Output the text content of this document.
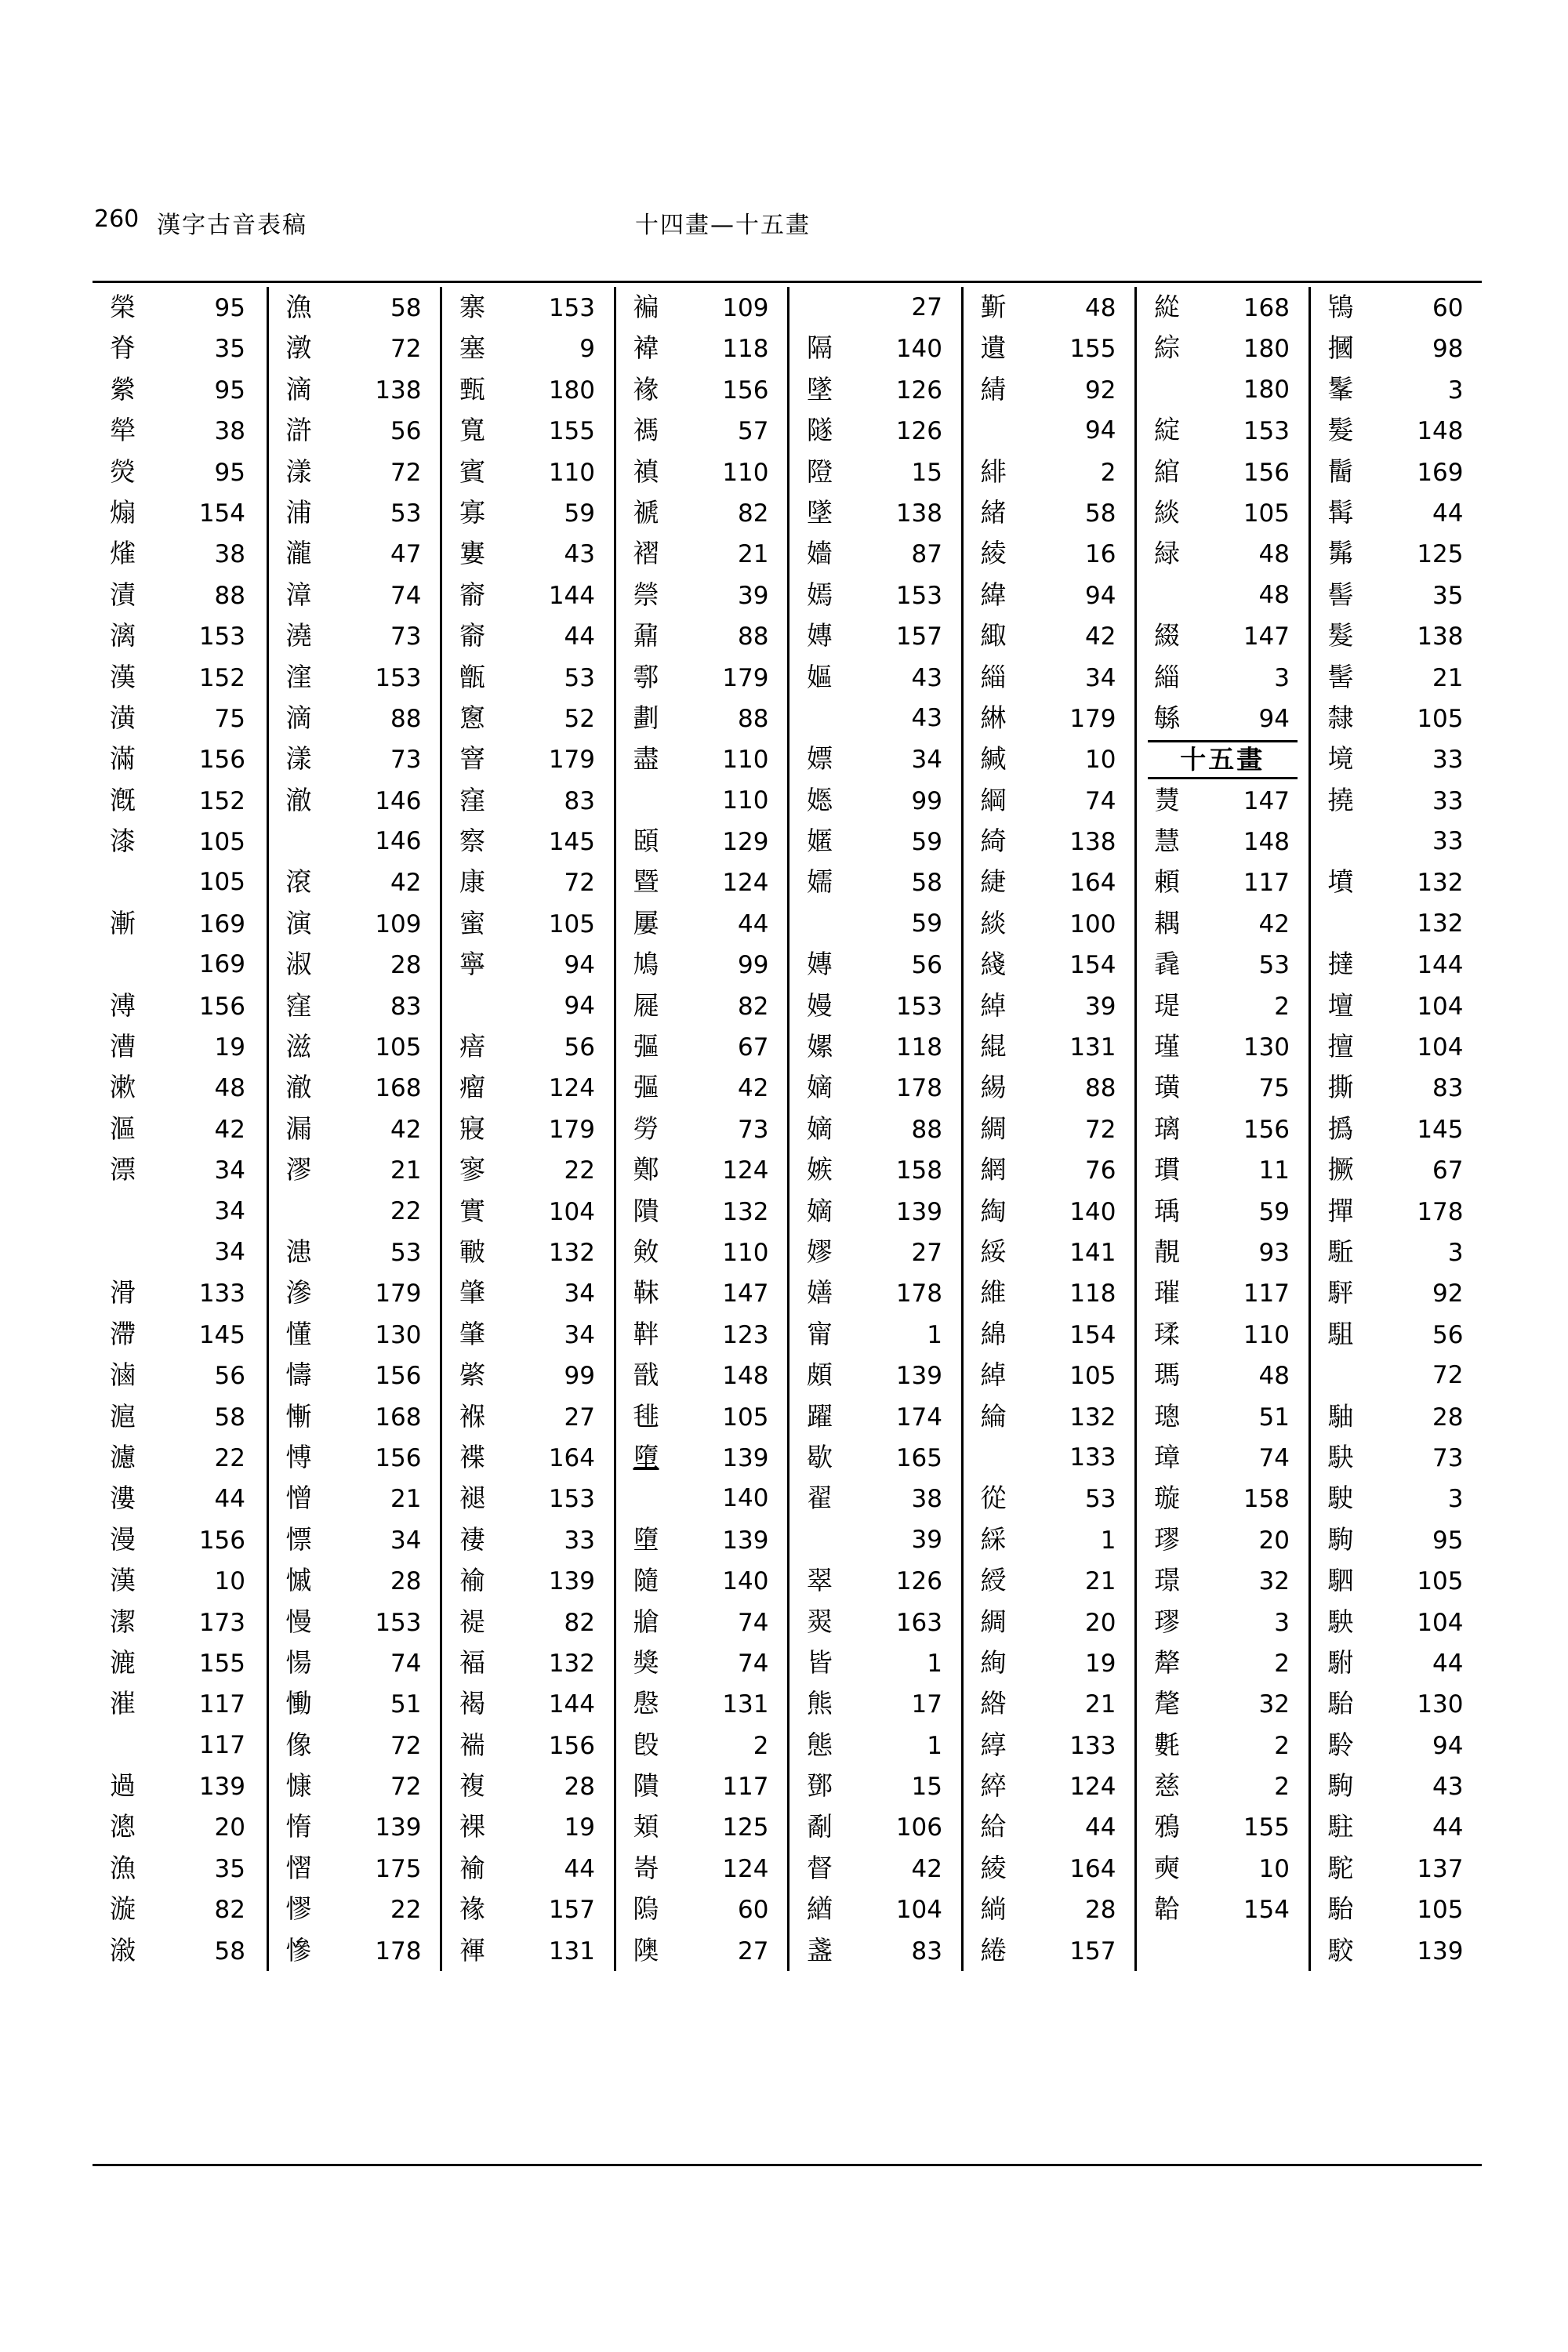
260 漢字古音表稿	十四畫—十五畫
榮	95
脊	35
縈	95
犖	38
熒	95
煽	154
熦	38
漬	88
漓	153
漢	152
潢	75
滿	156
漑	152
漆	105
105
漸	169
169
溥	156
漕	19
漱	48
漚	42
漂	34
34
34
滑	133
滯	145
滷	56
滬	58
濾	22
漊	44
漫	156
漢	10
潔	173
漉	155
漼	117
117
過	139
漗	20
漁	35
漩	82
潊	58
漁	58
潡	72
滴	138
滸	56
漾	72
浦	53
瀧	47
漳	74
澆	73
漥	153
滴	88
漾	73
澈	146
146
滾	42
演	109
淑	28
窪	83
滋	105
澈	168
漏	42
漻	21
22
漶	53
滲	179
懂	130
懤	156
慚	168
愽	156
憎	21
慓	34
慽	28
慢	153
愓	74
慟	51
像	72
慷	72
惰	139
慴	175
憀	22
慘	178
寨	153
塞	9
甄	180
寬	155
賓	110
寡	59
寠	43
窬	144
窬	44
甑	53
窻	52
窨	179
窪	83
察	145
康	72
蜜	105
寧	94
94
瘖	56
瘤	124
寢	179
寥	22
實	104
皸	132
肇	34
肇	34
綮	99
褓	27
褋	164
褪	153
褄	33
褕	139
褆	82
褔	132
褐	144
褍	156
複	28
裸	19
褕	44
褖	157
褌	131
褊	109
褘	118
褖	156
禡	57
禛	110
禠	82
褶	21
禜	39
鼐	88
鄠	179
劃	88
盡	110
110
頣	129
暨	124
屢	44
鳩	99
屣	82
彄	67
彄	42
勞	73
鄭	124
隤	132
㪘	110
靺	147
靽	123
戩	148
毴	105
墮	139
140
墮	139
隨	140
牄	74
獎	74
慇	131
𣪘	2
隤	117
頍	125
㟢	124
隖	60
隩	27
27
隔	140
墜	126
隧	126
隥	15
墜	138
嬙	87
嫣	153
嫥	157
嫗	43
43
嫖	34
嫕	99
嫟	59
嬬	58
59
嫥	56
嫚	153
嫘	118
嫡	178
嫡	88
嫉	158
嫡	139
嫪	27
嫸	178
甯	1
頗	139
躍	174
歇	165
翟	38
39
翠	126
翜	163
皆	1
熊	17
態	1
鄧	15
劀	106
督	42
緧	104
盞	83
斳	48
遺	155
綪	92
94
緋	2
緒	58
綾	16
緯	94
緅	42
緇	34
綝	179
緘	10
綱	74
綺	138
緁	164
緂	100
綫	154
綽	39
緄	131
緆	88
綢	72
網	76
綯	140
綏	141
維	118
綿	154
綽	105
綸	132
133
從	53
綵	1
綬	21
綢	20
絢	19
綹	21
綧	133
綷	124
給	44
綾	164
緔	28
綣	157
緃	168
綜	180
180
綻	153
綰	156
緂	105
緑	48
48
綴	147
緇	3
緐	94
十五畫
熭	147
慧	148
頼	117
耦	42
毳	53
瑅	2
瑾	130
璜	75
璃	156
瑻	11
瑀	59
靚	93
璀	117
瑈	110
瑪	48
璁	51
璋	74
璇	158
璆	20
璟	32
璆	3
犛	2
氂	32
氀	2
慈	2
鴉	155
奭	10
韐	154
鴇	60
摑	98
髼	3
髮	148
鬝	169
髯	44
髴	125
髻	35
髮	138
髺	21
隸	105
境	33
撓	33
33
墳	132
132
撻	144
壇	104
擅	104
撕	83
撝	145
撅	67
撣	178
駈	3
駍	92
駔	56
72
駎	28
駃	73
駛	3
駒	95
駟	105
駚	104
駙	44
駘	130
駖	94
駒	43
駐	44
駝	137
駘	105
駮	139
